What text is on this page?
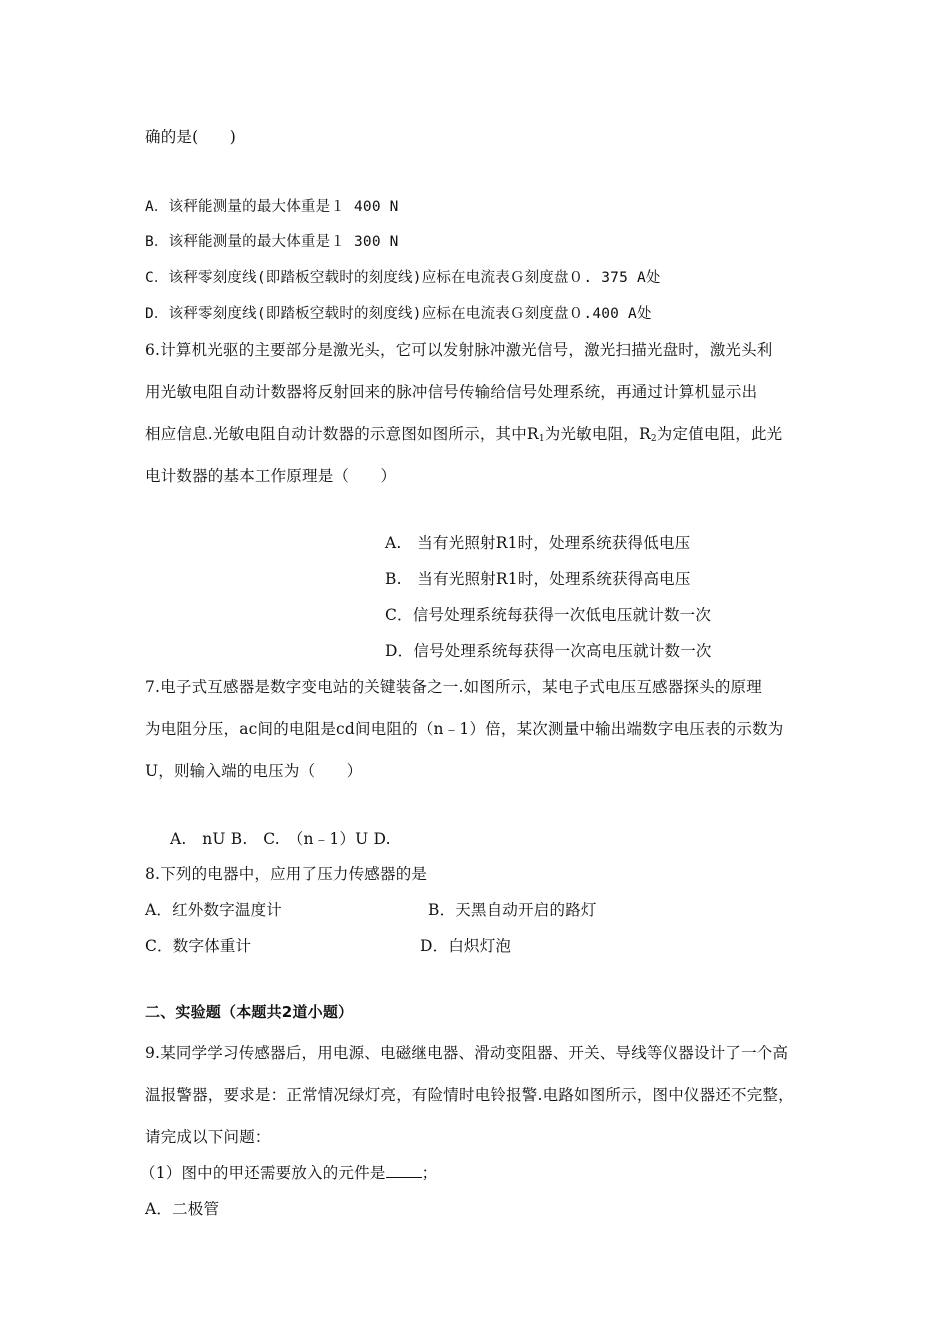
确的是(　　)
A．该秤能测量的最大体重是１ 400 N
B．该秤能测量的最大体重是１ 300 N
C．该秤零刻度线(即踏板空载时的刻度线)应标在电流表Ｇ刻度盘０. 375 A处
D．该秤零刻度线(即踏板空载时的刻度线)应标在电流表Ｇ刻度盘０.400 A处
6.计算机光驱的主要部分是激光头，它可以发射脉冲激光信号，激光扫描光盘时，激光头利
用光敏电阻自动计数器将反射回来的脉冲信号传输给信号处理系统，再通过计算机显示出
相应信息.光敏电阻自动计数器的示意图如图所示，其中$R_1$为光敏电阻，$R_2$为定值电阻，此光
电计数器的基本工作原理是（　　）
A.　当有光照射R1时，处理系统获得低电压
B.　当有光照射R1时，处理系统获得高电压
C．信号处理系统每获得一次低电压就计数一次
D．信号处理系统每获得一次高电压就计数一次
7.电子式互感器是数字变电站的关键装备之一.如图所示，某电子式电压互感器探头的原理
为电阻分压，ac间的电阻是cd间电阻的（n﹣1）倍，某次测量中输出端数字电压表的示数为
U，则输入端的电压为（　　）
A.　nU B.　C.　（n﹣1）U D.
8.下列的电器中，应用了压力传感器的是
A．红外数字温度计	B．天黑自动开启的路灯
C．数字体重计	D．白炽灯泡
二、实验题（本题共2道小题）
9.某同学学习传感器后，用电源、电磁继电器、滑动变阻器、开关、导线等仪器设计了一个高
温报警器，要求是：正常情况绿灯亮，有险情时电铃报警.电路如图所示，图中仪器还不完整，
请完成以下问题：
（1）图中的甲还需要放入的元件是 ；
A．二极管
